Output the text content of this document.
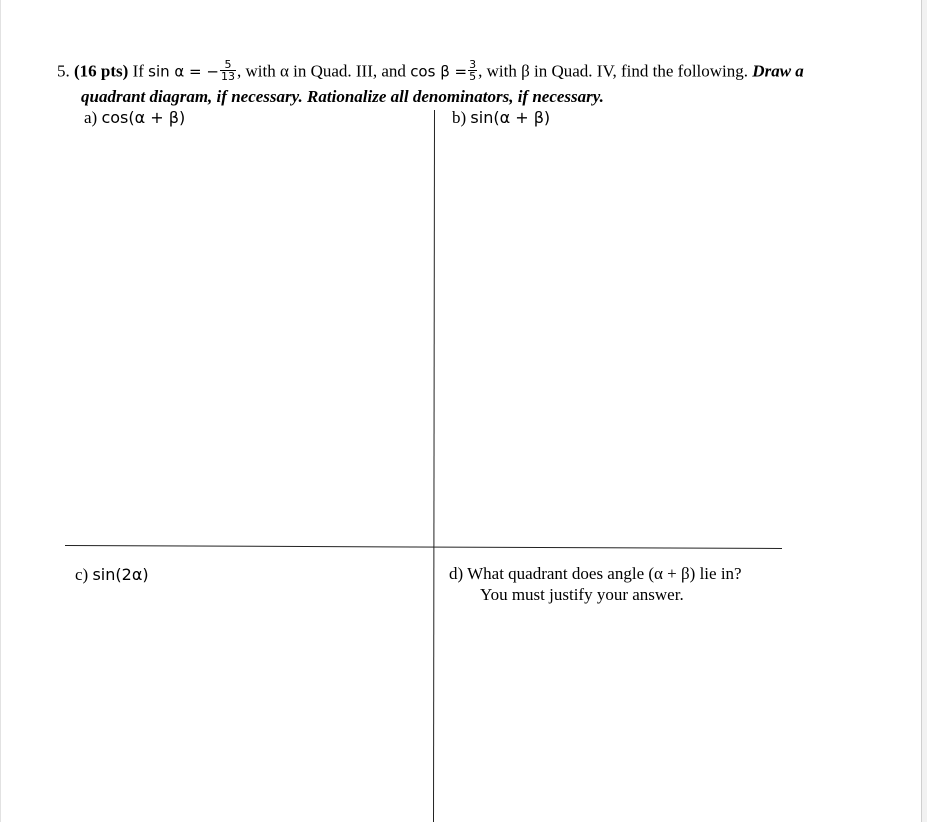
5. (16 pts) If sin α = − $\frac{5}{13}$ , with α in Quad. III, and $\cos \beta = \frac{3}{5}$ , with β in Quad. IV, find the following. Draw a
quadrant diagram, if necessary. Rationalize all denominators, if necessary.
a) cos(α + β)	b) sin(α + β)
c) sin(2α)	d) What quadrant does angle (α + β) lie in?
You must justify your answer.
